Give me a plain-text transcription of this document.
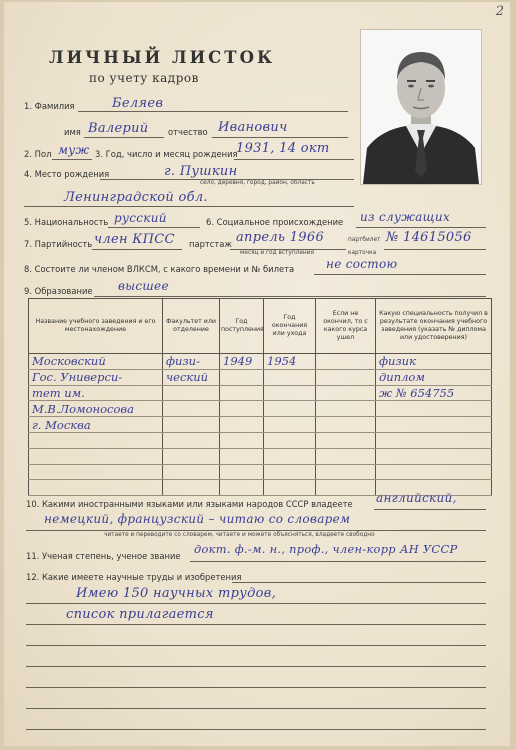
2
ЛИЧНЫЙ ЛИСТОК
по учету кадров
1. Фамилия	Беляев
имя Валерий отчество Иванович
2. Пол муж 3. Год, число и месяц рождения
1931, 14 окт
4. Место рождения	г. Пушкин
село, деревня, город, район, область
Ленинградской обл.
5. Национальность русский	6. Социальное происхождение из служащих
7. Партийность член КПСС партстаж апрель 1966
месяц и год вступления
партбилет
карточка
№ 14615056
8. Состоите ли членом ВЛКСМ, с какого времени и № билета	не состою
9. Образование высшее
Название учебного заведения и его местонахождение	Факультет или отделение	Год поступления	Год окончания или ухода	Если не окончил, то с какого курса ушел	Какую специальность получил в результате окончания учебного заведения (указать № диплома или удостоверения)
Московский	физи-	1949	1954		физик
Гос. Универси-	ческий				диплом
тет им.					ж № 654755
М.В.Ломоносова					
г. Москва					

10. Какими иностранными языками или языками народов СССР владеете английский,
немецкий, французский – читаю со словарем
читаете и переводите со словарем, читаете и можете объясняться, владеете свободно
11. Ученая степень, ученое звание докт. ф.-м. н., проф., член-корр АН УССР
12. Какие имеете научные труды и изобретения
Имею 150 научных трудов,
список прилагается
